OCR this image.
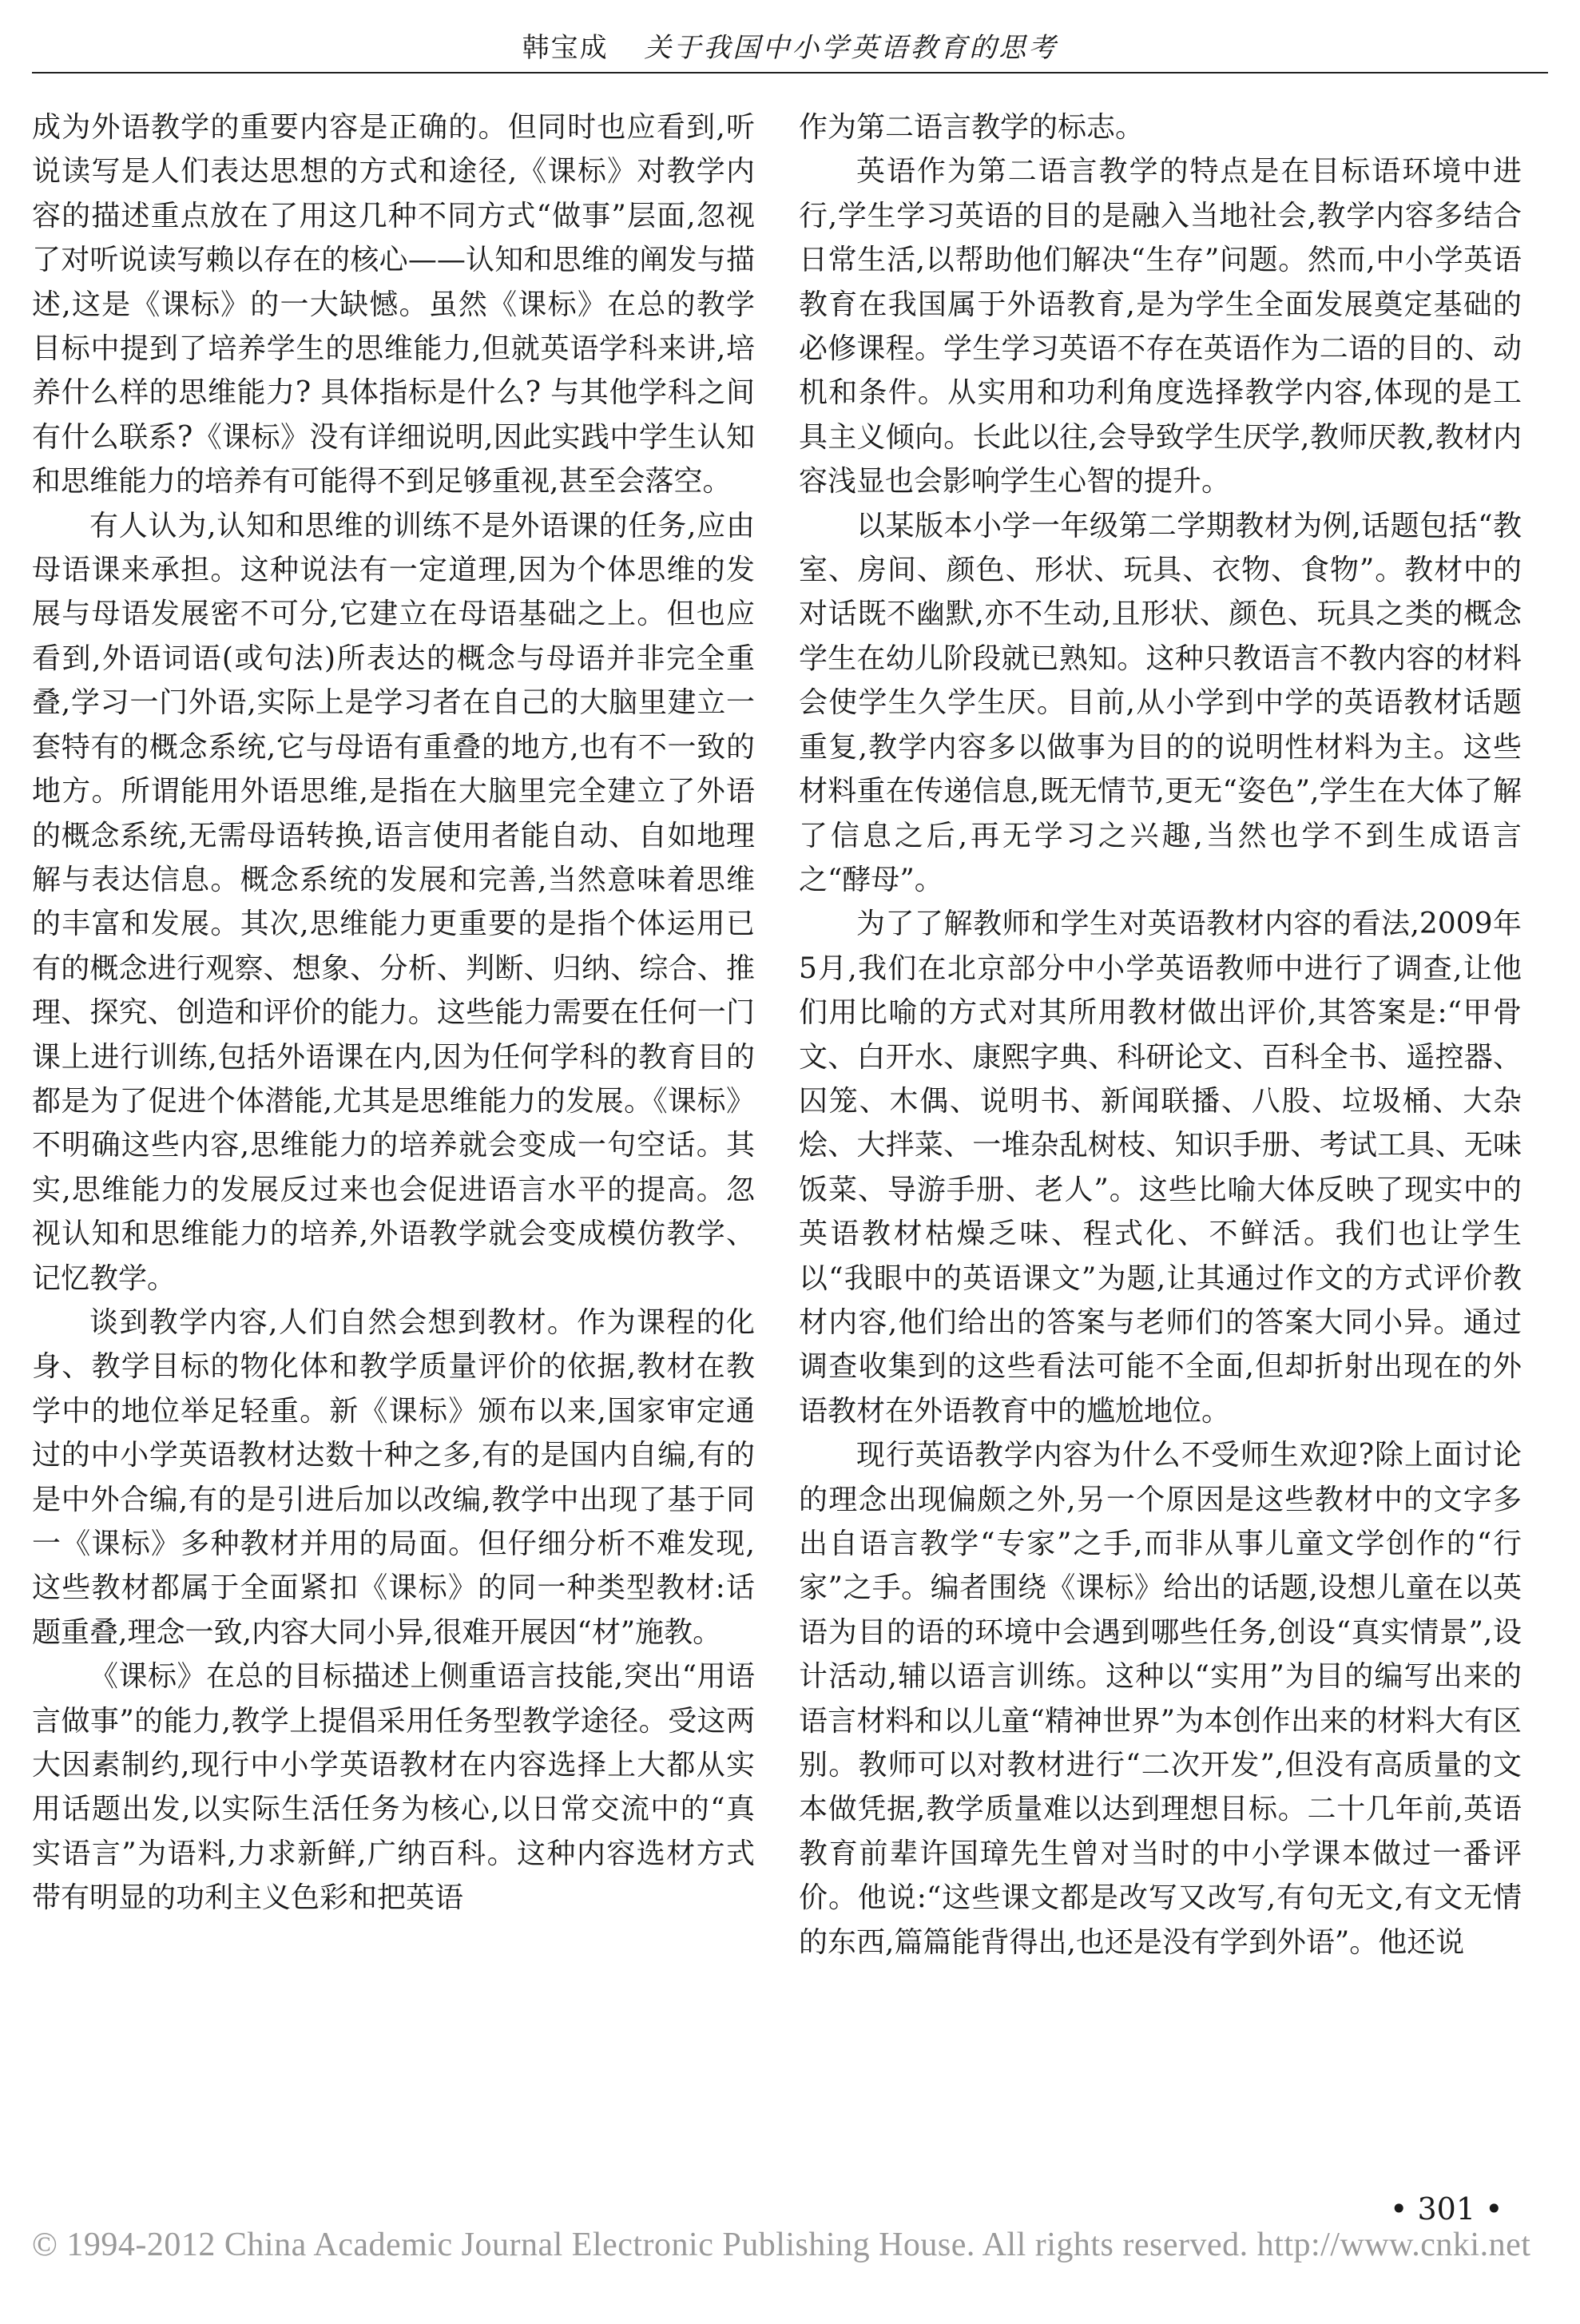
韩宝成 关于我国中小学英语教育的思考

成为外语教学的重要内容是正确的。但同时也应看到,听说读写是人们表达思想的方式和途径,《课标》对教学内容的描述重点放在了用这几种不同方式“做事”层面,忽视了对听说读写赖以存在的核心——认知和思维的阐发与描述,这是《课标》的一大缺憾。虽然《课标》在总的教学目标中提到了培养学生的思维能力,但就英语学科来讲,培养什么样的思维能力? 具体指标是什么? 与其他学科之间有什么联系?《课标》没有详细说明,因此实践中学生认知和思维能力的培养有可能得不到足够重视,甚至会落空。

有人认为,认知和思维的训练不是外语课的任务,应由母语课来承担。这种说法有一定道理,因为个体思维的发展与母语发展密不可分,它建立在母语基础之上。但也应看到,外语词语(或句法)所表达的概念与母语并非完全重叠,学习一门外语,实际上是学习者在自己的大脑里建立一套特有的概念系统,它与母语有重叠的地方,也有不一致的地方。所谓能用外语思维,是指在大脑里完全建立了外语的概念系统,无需母语转换,语言使用者能自动、自如地理解与表达信息。概念系统的发展和完善,当然意味着思维的丰富和发展。其次,思维能力更重要的是指个体运用已有的概念进行观察、想象、分析、判断、归纳、综合、推理、探究、创造和评价的能力。这些能力需要在任何一门课上进行训练,包括外语课在内,因为任何学科的教育目的都是为了促进个体潜能,尤其是思维能力的发展。《课标》不明确这些内容,思维能力的培养就会变成一句空话。其实,思维能力的发展反过来也会促进语言水平的提高。忽视认知和思维能力的培养,外语教学就会变成模仿教学、记忆教学。

谈到教学内容,人们自然会想到教材。作为课程的化身、教学目标的物化体和教学质量评价的依据,教材在教学中的地位举足轻重。新《课标》颁布以来,国家审定通过的中小学英语教材达数十种之多,有的是国内自编,有的是中外合编,有的是引进后加以改编,教学中出现了基于同一《课标》多种教材并用的局面。但仔细分析不难发现,这些教材都属于全面紧扣《课标》的同一种类型教材:话题重叠,理念一致,内容大同小异,很难开展因“材”施教。

《课标》在总的目标描述上侧重语言技能,突出“用语言做事”的能力,教学上提倡采用任务型教学途径。受这两大因素制约,现行中小学英语教材在内容选择上大都从实用话题出发,以实际生活任务为核心,以日常交流中的“真实语言”为语料,力求新鲜,广纳百科。这种内容选材方式带有明显的功利主义色彩和把英语

作为第二语言教学的标志。

英语作为第二语言教学的特点是在目标语环境中进行,学生学习英语的目的是融入当地社会,教学内容多结合日常生活,以帮助他们解决“生存”问题。然而,中小学英语教育在我国属于外语教育,是为学生全面发展奠定基础的必修课程。学生学习英语不存在英语作为二语的目的、动机和条件。从实用和功利角度选择教学内容,体现的是工具主义倾向。长此以往,会导致学生厌学,教师厌教,教材内容浅显也会影响学生心智的提升。

以某版本小学一年级第二学期教材为例,话题包括“教室、房间、颜色、形状、玩具、衣物、食物”。教材中的对话既不幽默,亦不生动,且形状、颜色、玩具之类的概念学生在幼儿阶段就已熟知。这种只教语言不教内容的材料会使学生久学生厌。目前,从小学到中学的英语教材话题重复,教学内容多以做事为目的的说明性材料为主。这些材料重在传递信息,既无情节,更无“姿色”,学生在大体了解了信息之后,再无学习之兴趣,当然也学不到生成语言之“酵母”。

为了了解教师和学生对英语教材内容的看法,2009年5月,我们在北京部分中小学英语教师中进行了调查,让他们用比喻的方式对其所用教材做出评价,其答案是:“甲骨文、白开水、康熙字典、科研论文、百科全书、遥控器、囚笼、木偶、说明书、新闻联播、八股、垃圾桶、大杂烩、大拌菜、一堆杂乱树枝、知识手册、考试工具、无味饭菜、导游手册、老人”。这些比喻大体反映了现实中的英语教材枯燥乏味、程式化、不鲜活。我们也让学生以“我眼中的英语课文”为题,让其通过作文的方式评价教材内容,他们给出的答案与老师们的答案大同小异。通过调查收集到的这些看法可能不全面,但却折射出现在的外语教材在外语教育中的尴尬地位。

现行英语教学内容为什么不受师生欢迎?除上面讨论的理念出现偏颇之外,另一个原因是这些教材中的文字多出自语言教学“专家”之手,而非从事儿童文学创作的“行家”之手。编者围绕《课标》给出的话题,设想儿童在以英语为目的语的环境中会遇到哪些任务,创设“真实情景”,设计活动,辅以语言训练。这种以“实用”为目的编写出来的语言材料和以儿童“精神世界”为本创作出来的材料大有区别。教师可以对教材进行“二次开发”,但没有高质量的文本做凭据,教学质量难以达到理想目标。二十几年前,英语教育前辈许国璋先生曾对当时的中小学课本做过一番评价。他说:“这些课文都是改写又改写,有句无文,有文无情的东西,篇篇能背得出,也还是没有学到外语”。他还说

• 301 •
© 1994-2012 China Academic Journal Electronic Publishing House. All rights reserved. http://www.cnki.net
